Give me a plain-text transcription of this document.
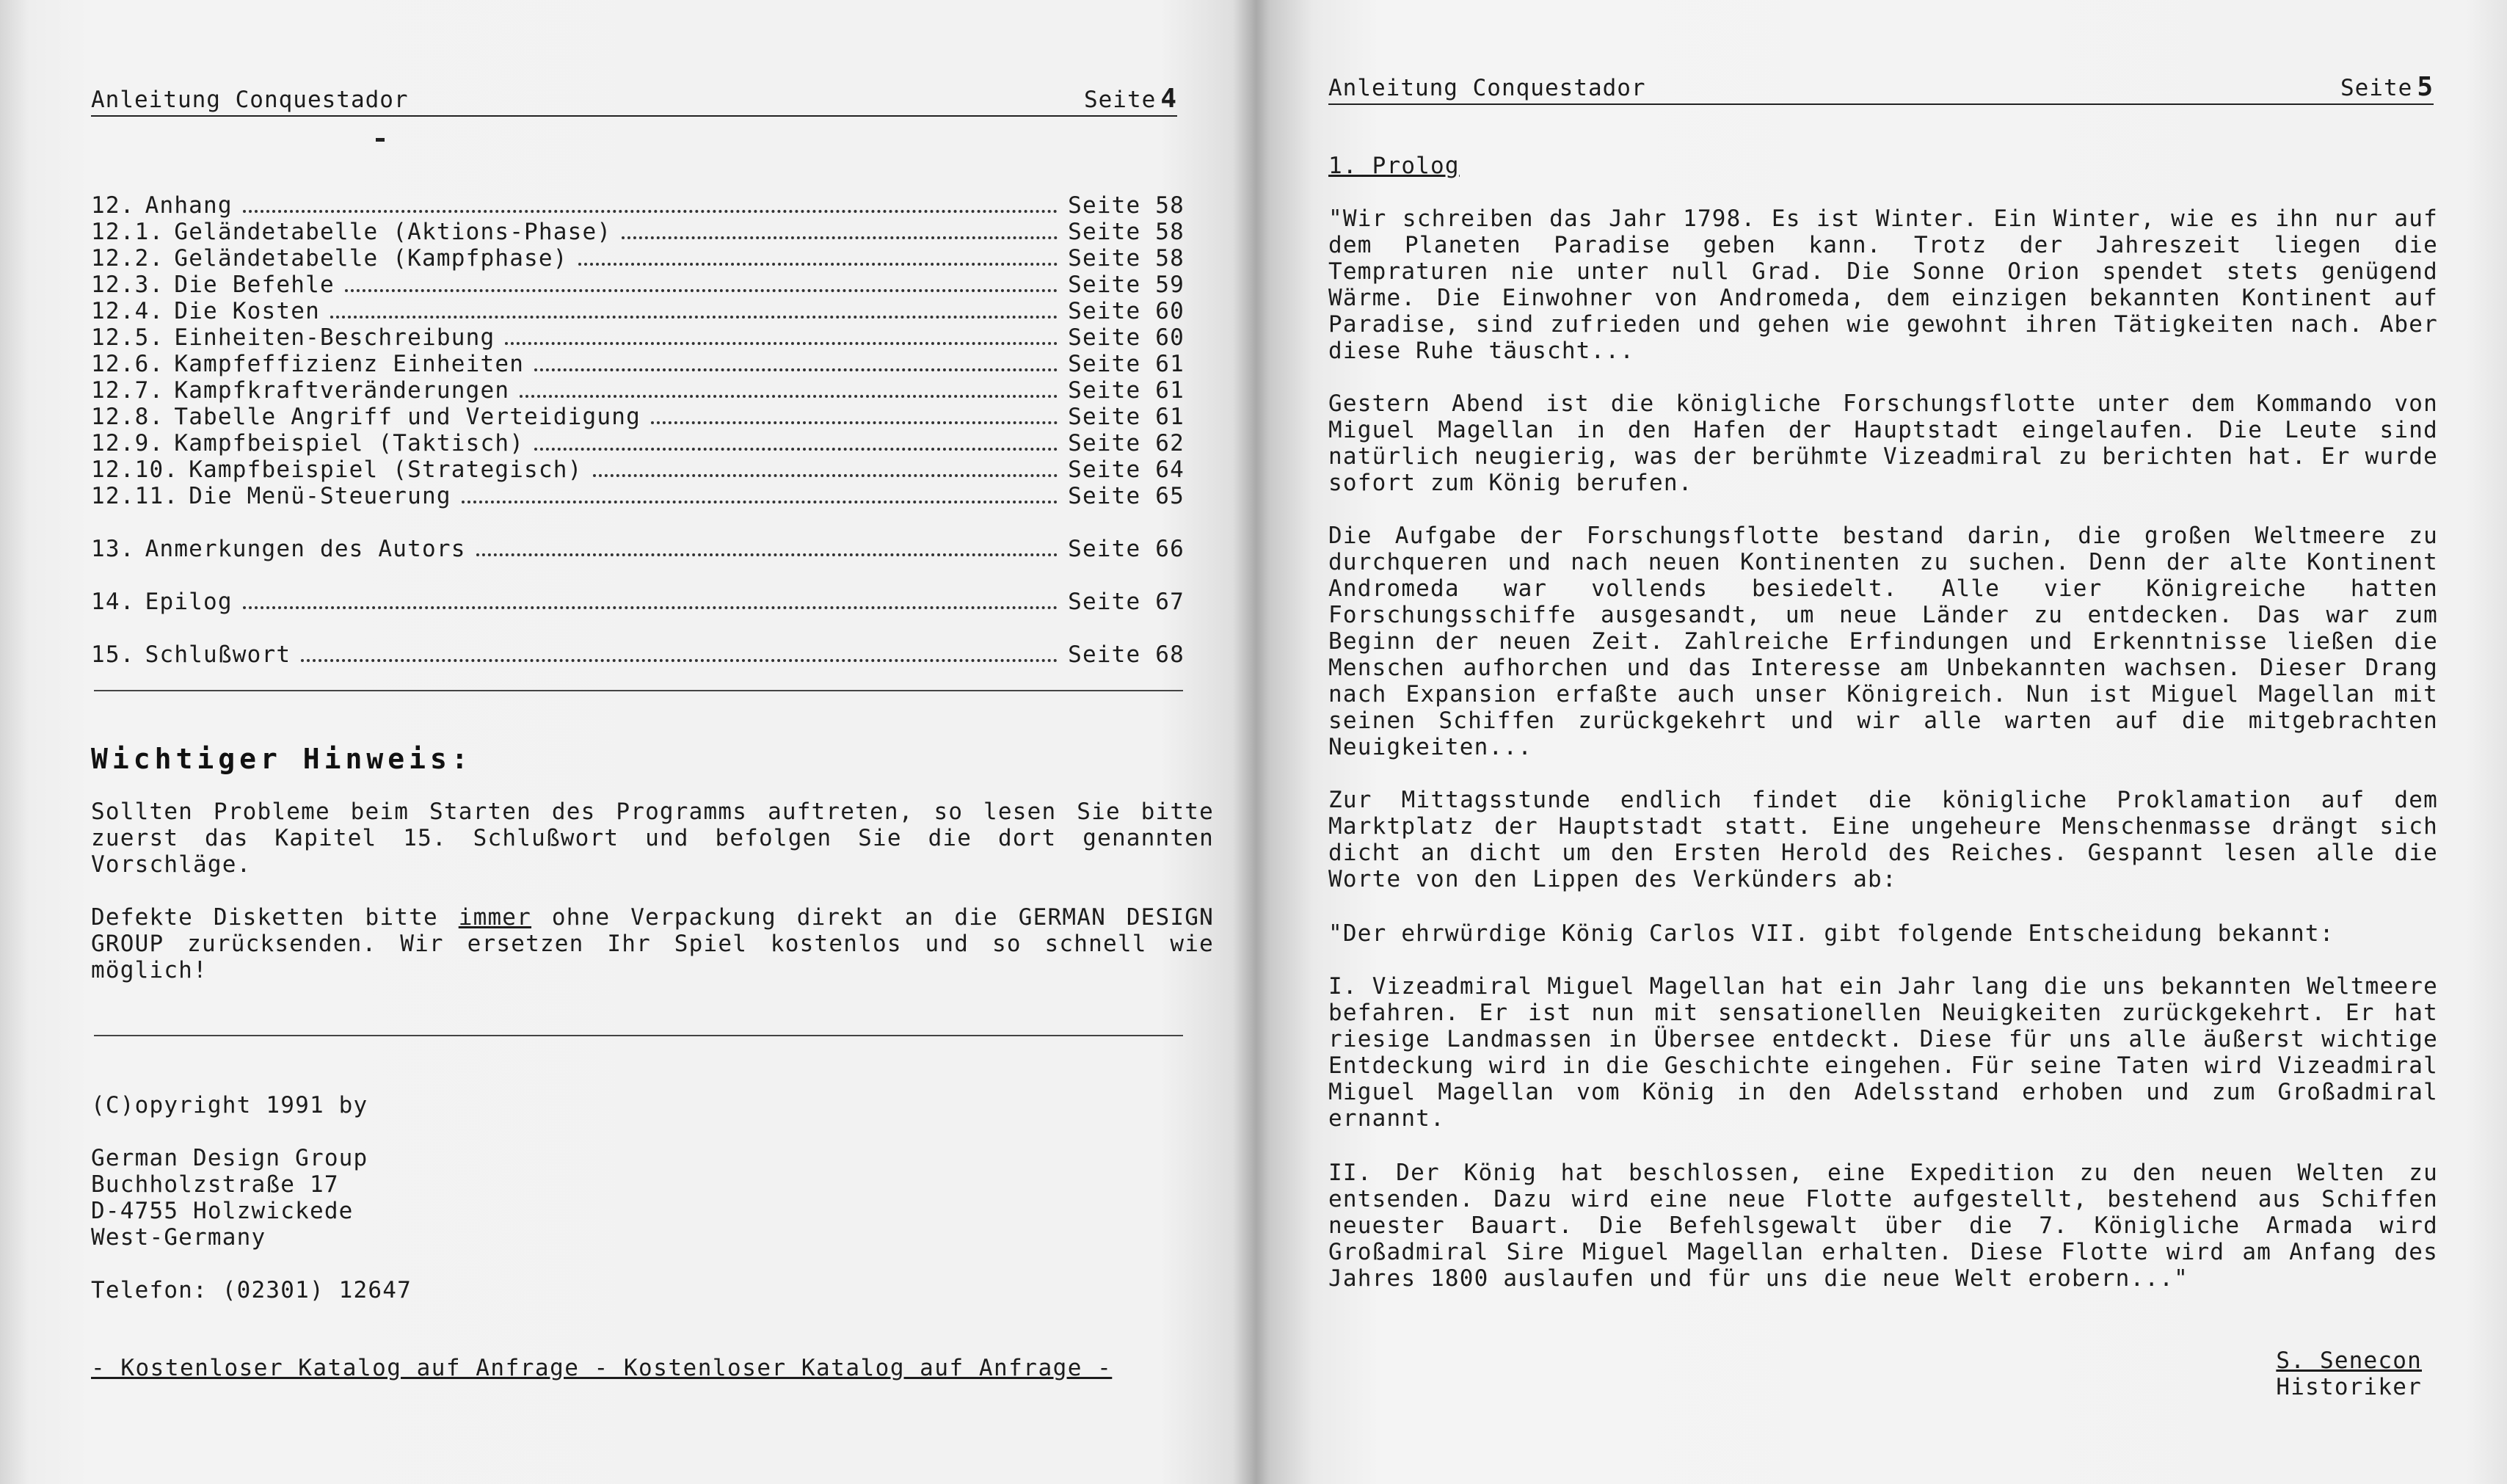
Anleitung Conquestador	Seite 4
12. Anhang	Seite 58
12.1. Geländetabelle (Aktions-Phase)	Seite 58
12.2. Geländetabelle (Kampfphase)	Seite 58
12.3. Die Befehle	Seite 59
12.4. Die Kosten	Seite 60
12.5. Einheiten-Beschreibung	Seite 60
12.6. Kampfeffizienz Einheiten	Seite 61
12.7. Kampfkraftveränderungen	Seite 61
12.8. Tabelle Angriff und Verteidigung	Seite 61
12.9. Kampfbeispiel (Taktisch)	Seite 62
12.10. Kampfbeispiel (Strategisch)	Seite 64
12.11. Die Menü-Steuerung	Seite 65
13. Anmerkungen des Autors	Seite 66
14. Epilog	Seite 67
15. Schlußwort	Seite 68
Wichtiger Hinweis:
Sollten Probleme beim Starten des Programms auftreten, so lesen Sie bitte zuerst das Kapitel 15. Schlußwort und befolgen Sie die dort genannten Vorschläge.
Defekte Disketten bitte immer ohne Verpackung direkt an die GERMAN DESIGN GROUP zurücksenden. Wir ersetzen Ihr Spiel kostenlos und so schnell wie möglich!
(C)opyright 1991 by
German Design Group
Buchholzstraße 17
D-4755 Holzwickede
West-Germany
Telefon: (02301) 12647
- Kostenloser Katalog auf Anfrage - Kostenloser Katalog auf Anfrage -
Anleitung Conquestador	Seite 5
1. Prolog
"Wir schreiben das Jahr 1798. Es ist Winter. Ein Winter, wie es ihn nur auf dem Planeten Paradise geben kann. Trotz der Jahreszeit liegen die Tempraturen nie unter null Grad. Die Sonne Orion spendet stets genügend Wärme. Die Einwohner von Andromeda, dem einzigen bekannten Kontinent auf Paradise, sind zufrieden und gehen wie gewohnt ihren Tätigkeiten nach. Aber diese Ruhe täuscht...
Gestern Abend ist die königliche Forschungsflotte unter dem Kommando von Miguel Magellan in den Hafen der Hauptstadt eingelaufen. Die Leute sind natürlich neugierig, was der berühmte Vizeadmiral zu berichten hat. Er wurde sofort zum König berufen.
Die Aufgabe der Forschungsflotte bestand darin, die großen Weltmeere zu durchqueren und nach neuen Kontinenten zu suchen. Denn der alte Kontinent Andromeda war vollends besiedelt. Alle vier Königreiche hatten Forschungsschiffe ausgesandt, um neue Länder zu entdecken. Das war zum Beginn der neuen Zeit. Zahlreiche Erfindungen und Erkenntnisse ließen die Menschen aufhorchen und das Interesse am Unbekannten wachsen. Dieser Drang nach Expansion erfaßte auch unser Königreich. Nun ist Miguel Magellan mit seinen Schiffen zurückgekehrt und wir alle warten auf die mitgebrachten Neuigkeiten...
Zur Mittagsstunde endlich findet die königliche Proklamation auf dem Marktplatz der Hauptstadt statt. Eine ungeheure Menschenmasse drängt sich dicht an dicht um den Ersten Herold des Reiches. Gespannt lesen alle die Worte von den Lippen des Verkünders ab:
"Der ehrwürdige König Carlos VII. gibt folgende Entscheidung bekannt:
I. Vizeadmiral Miguel Magellan hat ein Jahr lang die uns bekannten Weltmeere befahren. Er ist nun mit sensationellen Neuigkeiten zurückgekehrt. Er hat riesige Landmassen in Übersee entdeckt. Diese für uns alle äußerst wichtige Entdeckung wird in die Geschichte eingehen. Für seine Taten wird Vizeadmiral Miguel Magellan vom König in den Adelsstand erhoben und zum Großadmiral ernannt.
II. Der König hat beschlossen, eine Expedition zu den neuen Welten zu entsenden. Dazu wird eine neue Flotte aufgestellt, bestehend aus Schiffen neuester Bauart. Die Befehlsgewalt über die 7. Königliche Armada wird Großadmiral Sire Miguel Magellan erhalten. Diese Flotte wird am Anfang des Jahres 1800 auslaufen und für uns die neue Welt erobern..."
S. Senecon
Historiker
